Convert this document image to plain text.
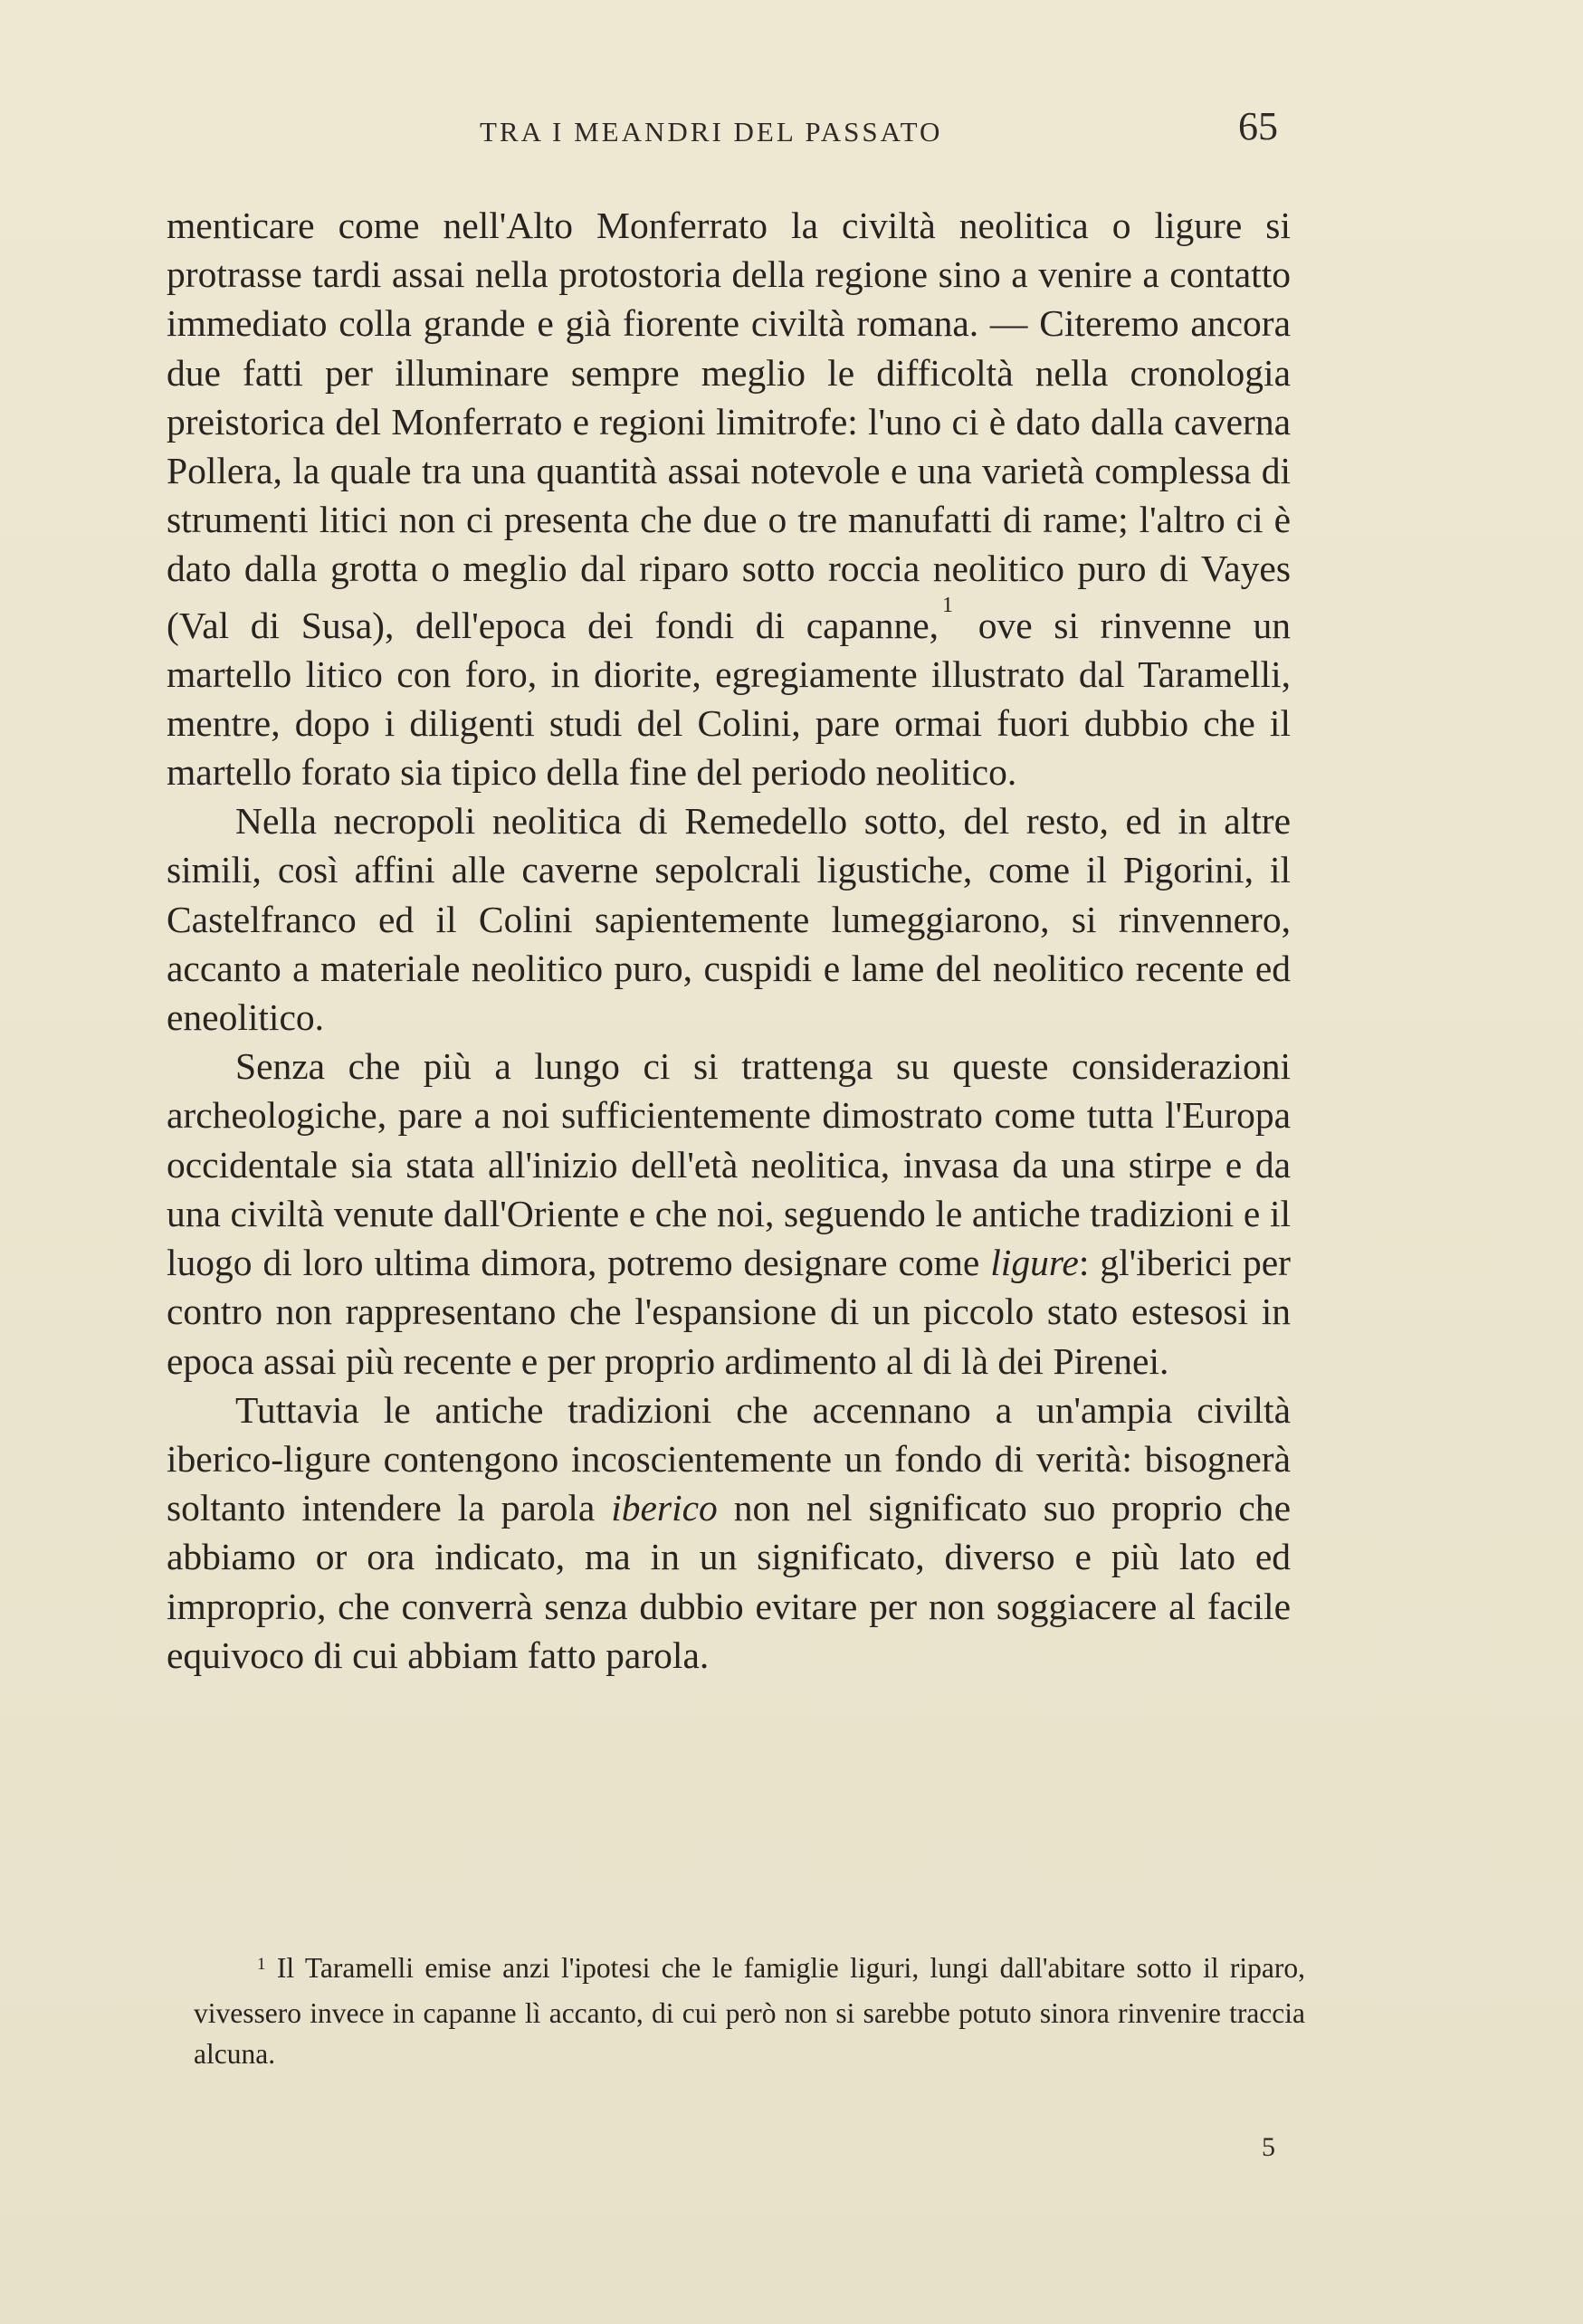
TRA I MEANDRI DEL PASSATO	65

menticare come nell'Alto Monferrato la civiltà neolitica o ligure si protrasse tardi assai nella protostoria della regione sino a venire a contatto immediato colla grande e già fiorente civiltà romana. — Citeremo ancora due fatti per illuminare sempre meglio le difficoltà nella cronologia preistorica del Monferrato e regioni limitrofe: l'uno ci è dato dalla caverna Pollera, la quale tra una quantità assai notevole e una varietà complessa di strumenti litici non ci presenta che due o tre manufatti di rame; l'altro ci è dato dalla grotta o meglio dal riparo sotto roccia neolitico puro di Vayes (Val di Susa), dell'epoca dei fondi di capanne, $^1$ ove si rinvenne un martello litico con foro, in diorite, egregiamente illustrato dal Taramelli, mentre, dopo i diligenti studi del Colini, pare ormai fuori dubbio che il martello forato sia tipico della fine del periodo neolitico.

Nella necropoli neolitica di Remedello sotto, del resto, ed in altre simili, così affini alle caverne sepolcrali ligustiche, come il Pigorini, il Castelfranco ed il Colini sapientemente lumeggiarono, si rinvennero, accanto a materiale neolitico puro, cuspidi e lame del neolitico recente ed eneolitico.

Senza che più a lungo ci si trattenga su queste considerazioni archeologiche, pare a noi sufficientemente dimostrato come tutta l'Europa occidentale sia stata all'inizio dell'età neolitica, invasa da una stirpe e da una civiltà venute dall'Oriente e che noi, seguendo le antiche tradizioni e il luogo di loro ultima dimora, potremo designare come ligure: gl'iberici per contro non rappresentano che l'espansione di un piccolo stato estesosi in epoca assai più recente e per proprio ardimento al di là dei Pirenei.

Tuttavia le antiche tradizioni che accennano a un'ampia civiltà iberico-ligure contengono incoscientemente un fondo di verità: bisognerà soltanto intendere la parola iberico non nel significato suo proprio che abbiamo or ora indicato, ma in un significato, diverso e più lato ed improprio, che converrà senza dubbio evitare per non soggiacere al facile equivoco di cui abbiam fatto parola.

$^1$ Il Taramelli emise anzi l'ipotesi che le famiglie liguri, lungi dall'abitare sotto il riparo, vivessero invece in capanne lì accanto, di cui però non si sarebbe potuto sinora rinvenire traccia alcuna.

5
